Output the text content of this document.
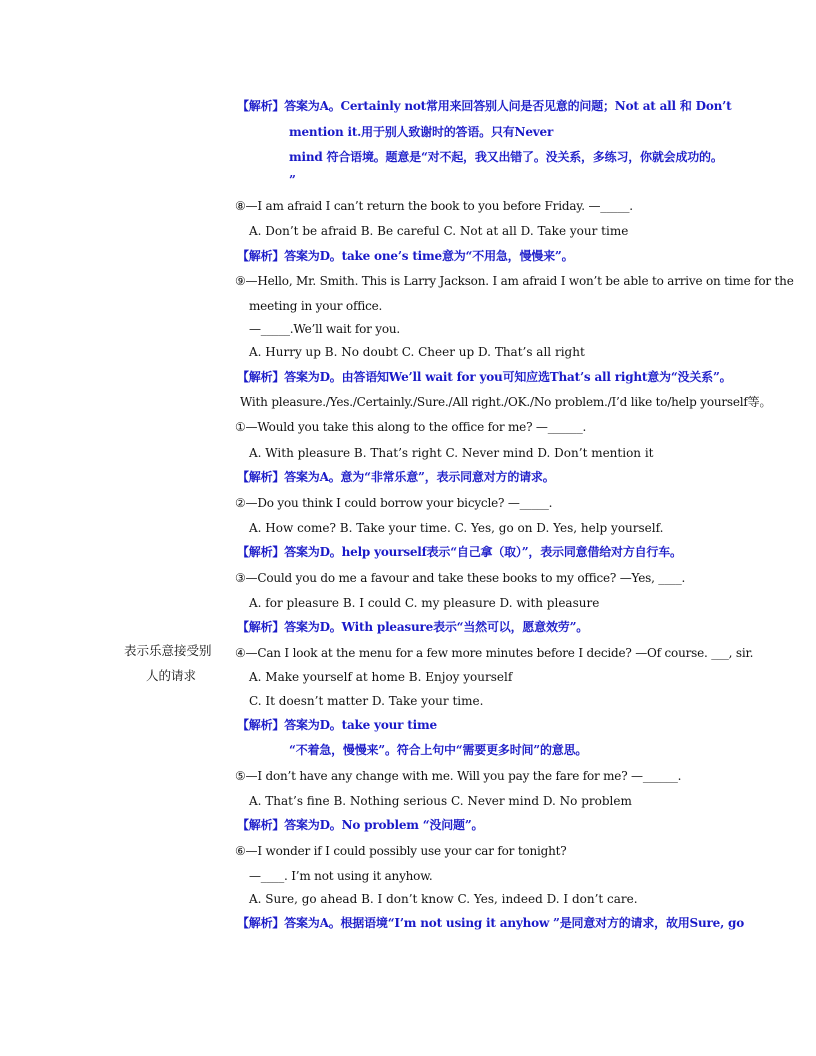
表示乐意接受别
人的请求
【解析】答案为A。Certainly not常用来回答别人问是否见意的问题；Not at all 和 Don’t
mention it.用于别人致谢时的答语。只有Never
mind 符合语境。题意是“对不起，我又出错了。没关系，多练习，你就会成功的。
”
⑧—I am afraid I can’t return the book to you before Friday. —_____.
A. Don’t be afraid B. Be careful C. Not at all D. Take your time
【解析】答案为D。take one’s time意为“不用急，慢慢来”。
⑨—Hello, Mr. Smith. This is Larry Jackson. I am afraid I won’t be able to arrive on time for the
meeting in your office.
—_____.We’ll wait for you.
A. Hurry up B. No doubt C. Cheer up D. That’s all right
【解析】答案为D。由答语知We’ll wait for you可知应选That’s all right意为“没关系”。
With pleasure./Yes./Certainly./Sure./All right./OK./No problem./I’d like to/help yourself等。
①—Would you take this along to the office for me? —______.
A. With pleasure B. That’s right C. Never mind D. Don’t mention it
【解析】答案为A。意为“非常乐意”，表示同意对方的请求。
②—Do you think I could borrow your bicycle? —_____.
A. How come? B. Take your time. C. Yes, go on D. Yes, help yourself.
【解析】答案为D。help yourself表示“自己拿（取）”，表示同意借给对方自行车。
③—Could you do me a favour and take these books to my office? —Yes, ____.
A. for pleasure B. I could C. my pleasure D. with pleasure
【解析】答案为D。With pleasure表示“当然可以，愿意效劳”。
④—Can I look at the menu for a few more minutes before I decide? —Of course. ___, sir.
A. Make yourself at home B. Enjoy yourself
C. It doesn’t matter D. Take your time.
【解析】答案为D。take your time
“不着急，慢慢来”。符合上句中“需要更多时间”的意思。
⑤—I don’t have any change with me. Will you pay the fare for me? —______.
A. That’s fine B. Nothing serious C. Never mind D. No problem
【解析】答案为D。No problem “没问题”。
⑥—I wonder if I could possibly use your car for tonight?
—____. I’m not using it anyhow.
A. Sure, go ahead B. I don’t know C. Yes, indeed D. I don’t care.
【解析】答案为A。根据语境“I’m not using it anyhow ”是同意对方的请求，故用Sure, go
